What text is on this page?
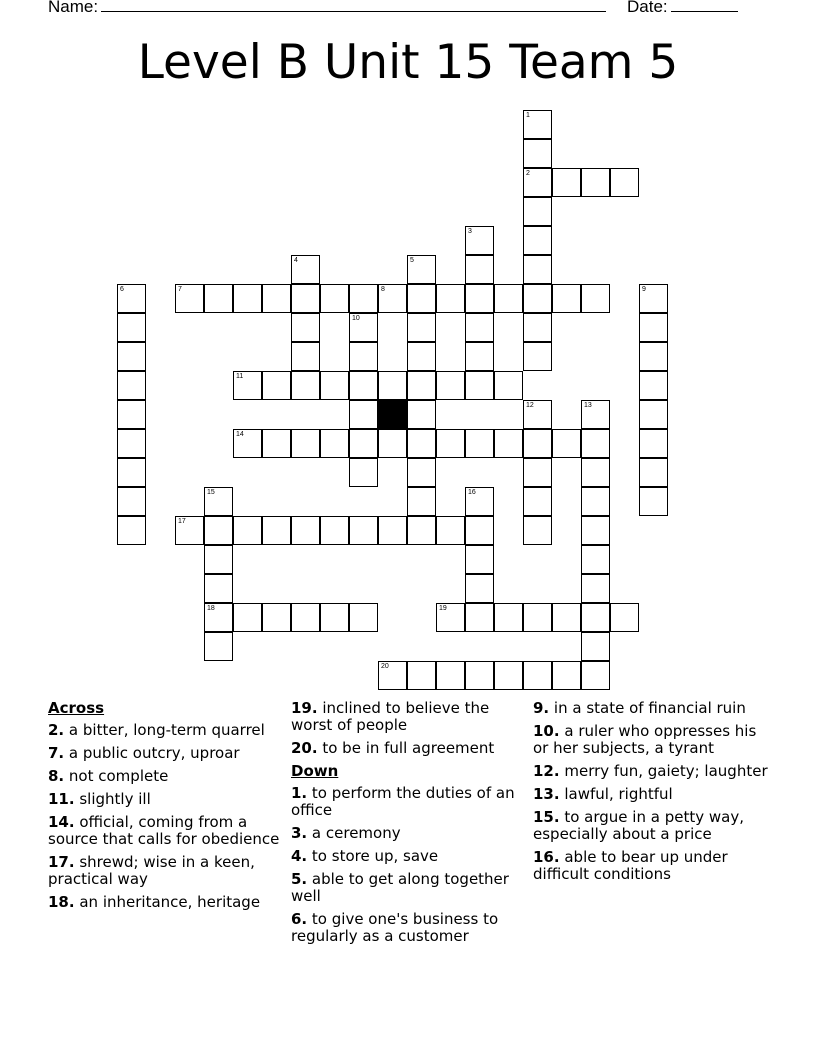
Name:	Date:
Level B Unit 15 Team 5
1
2
3
4	5
6	7	8	9
10
11
12	13
14
15
18
16
17
19
20
Across
2. a bitter, long-term quarrel
7. a public outcry, uproar
8. not complete
11. slightly ill
14. official, coming from a source that calls for obedience
17. shrewd; wise in a keen, practical way
18. an inheritance, heritage
19. inclined to believe the worst of people
20. to be in full agreement
Down
1. to perform the duties of an office
3. a ceremony
4. to store up, save
5. able to get along together well
6. to give one's business to regularly as a customer
9. in a state of financial ruin
10. a ruler who oppresses his or her subjects, a tyrant
12. merry fun, gaiety; laughter
13. lawful, rightful
15. to argue in a petty way, especially about a price
16. able to bear up under difficult conditions
